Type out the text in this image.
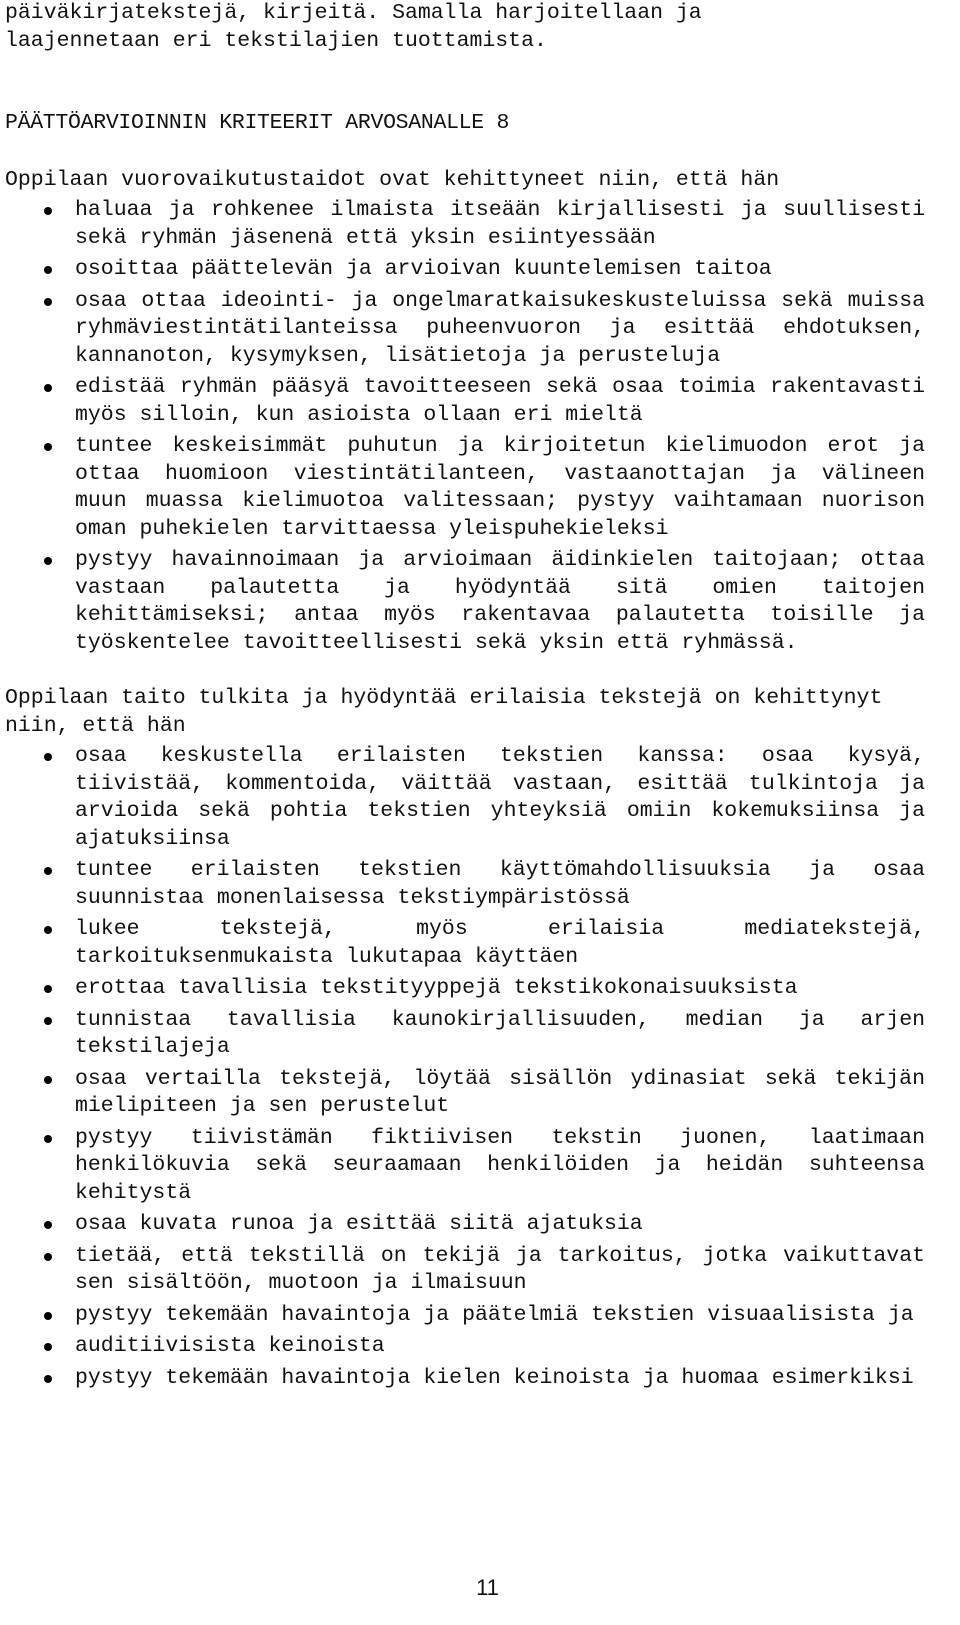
päiväkirjatekstejä, kirjeitä. Samalla harjoitellaan ja

laajennetaan eri tekstilajien tuottamista.

PÄÄTTÖARVIOINNIN KRITEERIT ARVOSANALLE 8

Oppilaan vuorovaikutustaidot ovat kehittyneet niin, että hän

haluaa ja rohkenee ilmaista itseään kirjallisesti ja suullisesti sekä ryhmän jäsenenä että yksin esiintyessään
osoittaa päättelevän ja arvioivan kuuntelemisen taitoa
osaa ottaa ideointi- ja ongelmaratkaisukeskusteluissa sekä muissa ryhmäviestintätilanteissa puheenvuoron ja esittää ehdotuksen, kannanoton, kysymyksen, lisätietoja ja perusteluja
edistää ryhmän pääsyä tavoitteeseen sekä osaa toimia rakentavasti myös silloin, kun asioista ollaan eri mieltä
tuntee keskeisimmät puhutun ja kirjoitetun kielimuodon erot ja ottaa huomioon viestintätilanteen, vastaanottajan ja välineen muun muassa kielimuotoa valitessaan; pystyy vaihtamaan nuorison oman puhekielen tarvittaessa yleispuhekieleksi
pystyy havainnoimaan ja arvioimaan äidinkielen taitojaan; ottaa vastaan palautetta ja hyödyntää sitä omien taitojen kehittämiseksi; antaa myös rakentavaa palautetta toisille ja työskentelee tavoitteellisesti sekä yksin että ryhmässä.

Oppilaan taito tulkita ja hyödyntää erilaisia tekstejä on kehittynyt niin, että hän

osaa keskustella erilaisten tekstien kanssa: osaa kysyä, tiivistää, kommentoida, väittää vastaan, esittää tulkintoja ja arvioida sekä pohtia tekstien yhteyksiä omiin kokemuksiinsa ja ajatuksiinsa
tuntee erilaisten tekstien käyttömahdollisuuksia ja osaa suunnistaa monenlaisessa tekstiympäristössä
lukee tekstejä, myös erilaisia mediatekstejä, tarkoituksenmukaista lukutapaa käyttäen
erottaa tavallisia tekstityyppejä tekstikokonaisuuksista
tunnistaa tavallisia kaunokirjallisuuden, median ja arjen tekstilajeja
osaa vertailla tekstejä, löytää sisällön ydinasiat sekä tekijän mielipiteen ja sen perustelut
pystyy tiivistämän fiktiivisen tekstin juonen, laatimaan henkilökuvia sekä seuraamaan henkilöiden ja heidän suhteensa kehitystä
osaa kuvata runoa ja esittää siitä ajatuksia
tietää, että tekstillä on tekijä ja tarkoitus, jotka vaikuttavat sen sisältöön, muotoon ja ilmaisuun
pystyy tekemään havaintoja ja päätelmiä tekstien visuaalisista ja
auditiivisista keinoista
pystyy tekemään havaintoja kielen keinoista ja huomaa esimerkiksi
11
